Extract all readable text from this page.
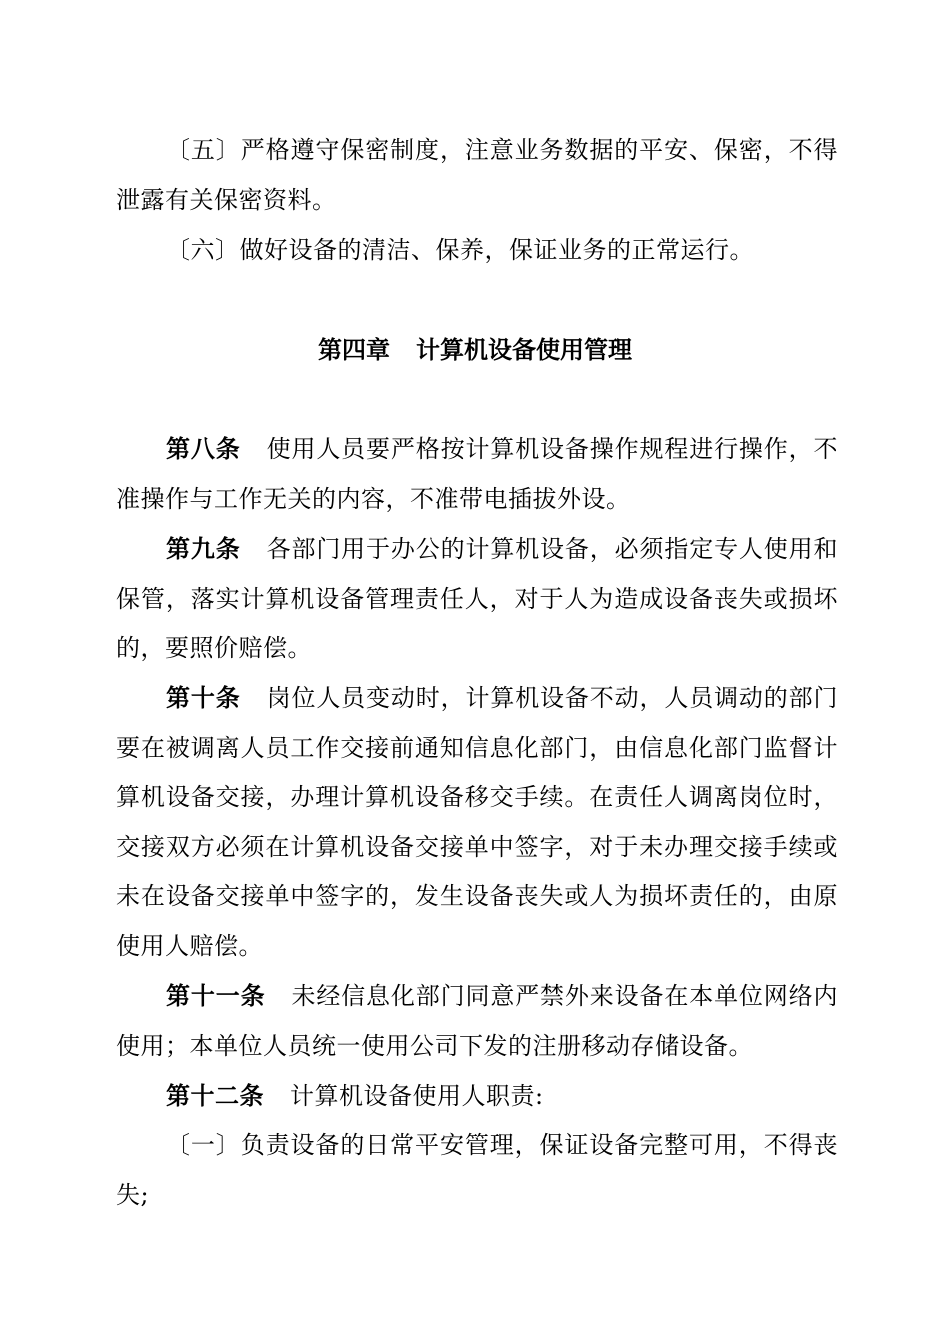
〔五〕严格遵守保密制度，注意业务数据的平安、保密，不得泄露有关保密资料。

〔六〕做好设备的清洁、保养，保证业务的正常运行。

第四章 计算机设备使用管理

第八条 使用人员要严格按计算机设备操作规程进行操作，不准操作与工作无关的内容，不准带电插拔外设。

第九条 各部门用于办公的计算机设备，必须指定专人使用和保管，落实计算机设备管理责任人，对于人为造成设备丧失或损坏的，要照价赔偿。

第十条 岗位人员变动时，计算机设备不动，人员调动的部门要在被调离人员工作交接前通知信息化部门，由信息化部门监督计算机设备交接，办理计算机设备移交手续。在责任人调离岗位时，交接双方必须在计算机设备交接单中签字，对于未办理交接手续或未在设备交接单中签字的，发生设备丧失或人为损坏责任的，由原使用人赔偿。

第十一条 未经信息化部门同意严禁外来设备在本单位网络内使用；本单位人员统一使用公司下发的注册移动存储设备。

第十二条 计算机设备使用人职责:

〔一〕负责设备的日常平安管理，保证设备完整可用，不得丧失;
